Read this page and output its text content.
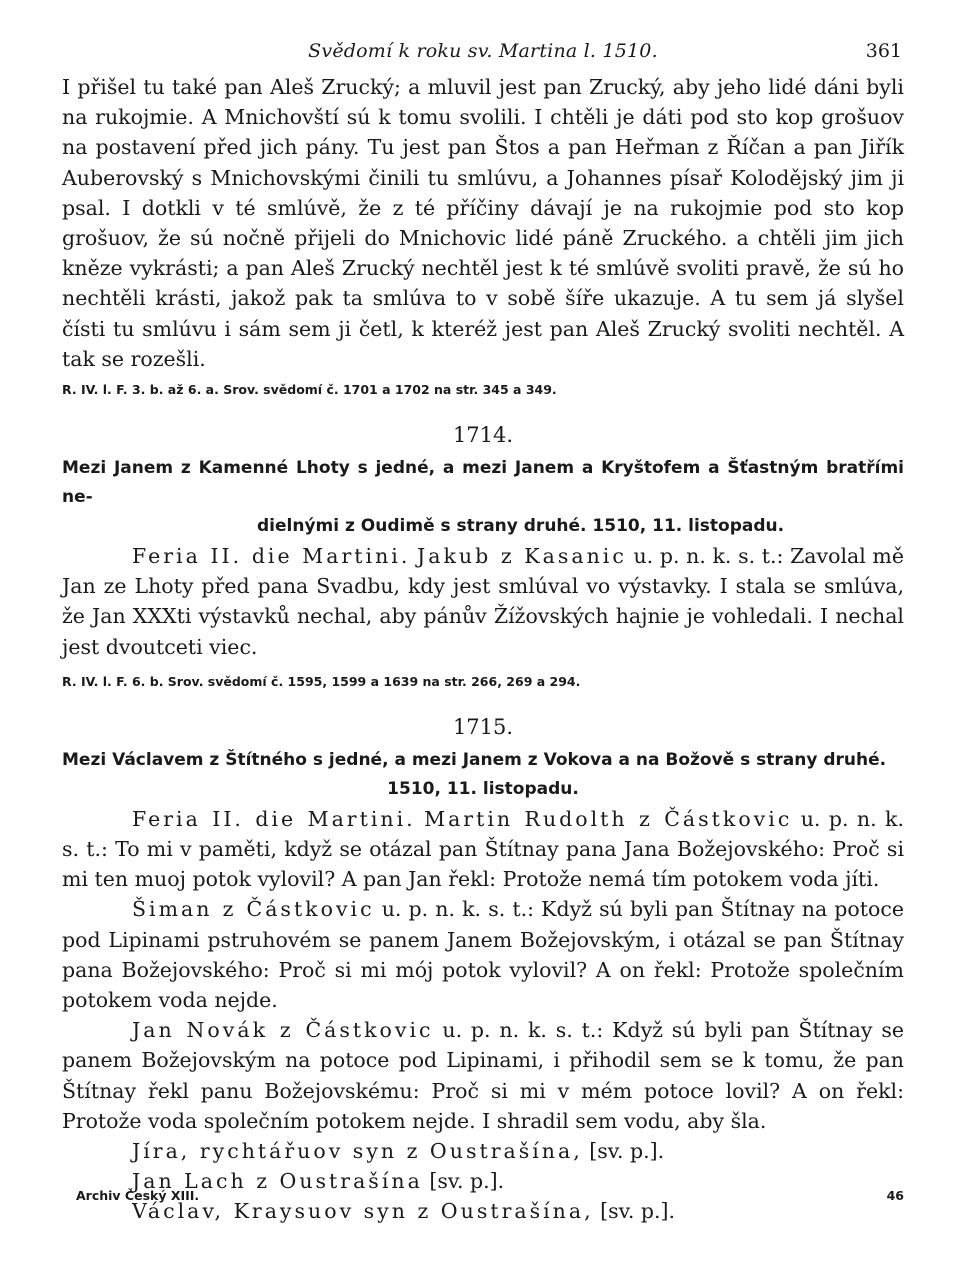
Svědomí k roku sv. Martina l. 1510.	361

I přišel tu také pan Aleš Zrucký; a mluvil jest pan Zrucký, aby jeho lidé dáni byli na rukojmie. A Mnichovští sú k tomu svolili. I chtěli je dáti pod sto kop grošuov na postavení před jich pány. Tu jest pan Štos a pan Heřman z Říčan a pan Jiřík Auberovský s Mnichovskými činili tu smlúvu, a Johannes písař Kolodějský jim ji psal. I dotkli v té smlúvě, že z té příčiny dávají je na rukojmie pod sto kop grošuov, že sú nočně přijeli do Mnichovic lidé páně Zruckého. a chtěli jim jich kněze vykrásti; a pan Aleš Zrucký nechtěl jest k té smlúvě svoliti pravě, že sú ho nechtěli krásti, jakož pak ta smlúva to v sobě šíře ukazuje. A tu sem já slyšel čísti tu smlúvu i sám sem ji četl, k kteréž jest pan Aleš Zrucký svoliti nechtěl. A tak se rozešli.

R. IV. l. F. 3. b. až 6. a. Srov. svědomí č. 1701 a 1702 na str. 345 a 349.

1714.
Mezi Janem z Kamenné Lhoty s jedné, a mezi Janem a Kryštofem a Šťastným bratřími ne-
dielnými z Oudimě s strany druhé. 1510, 11. listopadu.

Feria II. die Martini. Jakub z Kasanic u. p. n. k. s. t.: Zavolal mě Jan ze Lhoty před pana Svadbu, kdy jest smlúval vo výstavky. I stala se smlúva, že Jan XXXti výstavků nechal, aby pánův Žížovských hajnie je vohledali. I nechal jest dvoutceti viec.

R. IV. l. F. 6. b. Srov. svědomí č. 1595, 1599 a 1639 na str. 266, 269 a 294.

1715.
Mezi Václavem z Štítného s jedné, a mezi Janem z Vokova a na Božově s strany druhé.
1510, 11. listopadu.

Feria II. die Martini. Martin Rudolth z Částkovic u. p. n. k. s. t.: To mi v paměti, když se otázal pan Štítnay pana Jana Božejovského: Proč si mi ten muoj potok vylovil? A pan Jan řekl: Protože nemá tím potokem voda jíti.

Šiman z Částkovic u. p. n. k. s. t.: Když sú byli pan Štítnay na potoce pod Lipinami pstruhovém se panem Janem Božejovským, i otázal se pan Štítnay pana Božejovského: Proč si mi mój potok vylovil? A on řekl: Protože společním potokem voda nejde.

Jan Novák z Částkovic u. p. n. k. s. t.: Když sú byli pan Štítnay se panem Božejovským na potoce pod Lipinami, i přihodil sem se k tomu, že pan Štítnay řekl panu Božejovskému: Proč si mi v mém potoce lovil? A on řekl: Protože voda společním potokem nejde. I shradil sem vodu, aby šla.

Jíra, rychtářuov syn z Oustrašína, [sv. p.].

Jan Lach z Oustrašína [sv. p.].

Václav, Kraysuov syn z Oustrašína, [sv. p.].

Archiv Český XIII.	46
